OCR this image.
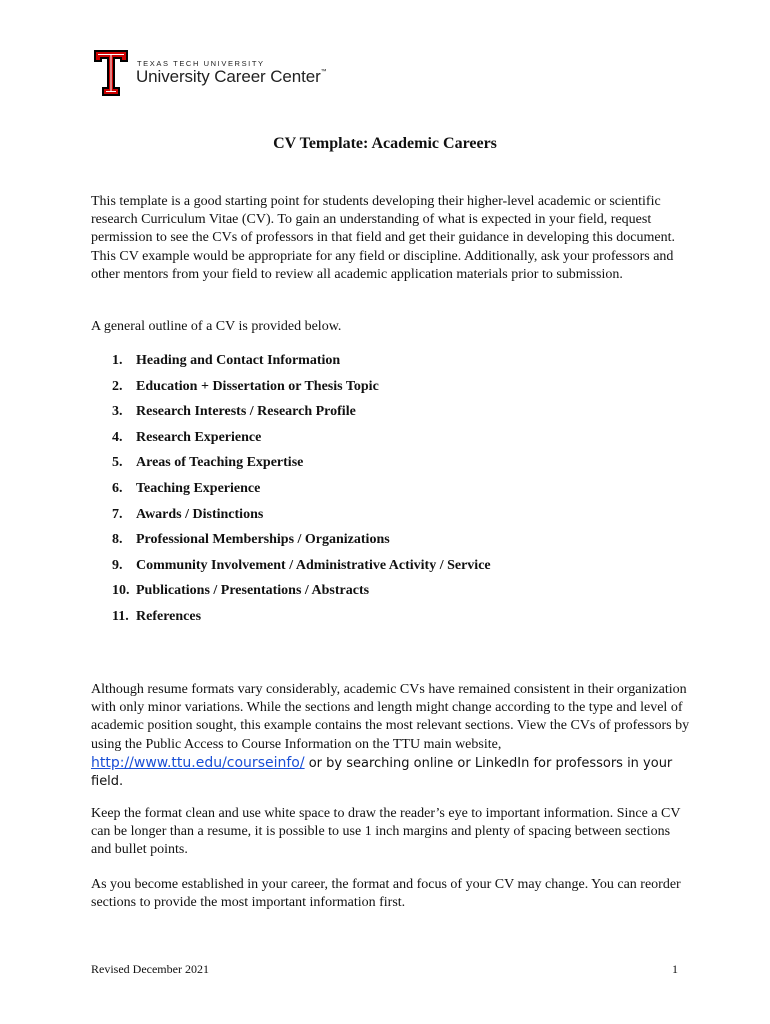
TEXAS TECH UNIVERSITY
University Career Center™
CV Template: Academic Careers

This template is a good starting point for students developing their higher-level academic or scientific research Curriculum Vitae (CV). To gain an understanding of what is expected in your field, request permission to see the CVs of professors in that field and get their guidance in developing this document. This CV example would be appropriate for any field or discipline. Additionally, ask your professors and other mentors from your field to review all academic application materials prior to submission.

A general outline of a CV is provided below.

1. Heading and Contact Information
2. Education + Dissertation or Thesis Topic
3. Research Interests / Research Profile
4. Research Experience
5. Areas of Teaching Expertise
6. Teaching Experience
7. Awards / Distinctions
8. Professional Memberships / Organizations
9. Community Involvement / Administrative Activity / Service
10. Publications / Presentations / Abstracts
11. References

Although resume formats vary considerably, academic CVs have remained consistent in their organization with only minor variations. While the sections and length might change according to the type and level of academic position sought, this example contains the most relevant sections. View the CVs of professors by using the Public Access to Course Information on the TTU main website, http://www.ttu.edu/courseinfo/ or by searching online or LinkedIn for professors in your field.

Keep the format clean and use white space to draw the reader’s eye to important information. Since a CV can be longer than a resume, it is possible to use 1 inch margins and plenty of spacing between sections and bullet points.

As you become established in your career, the format and focus of your CV may change. You can reorder sections to provide the most important information first.

Revised December 2021	1
